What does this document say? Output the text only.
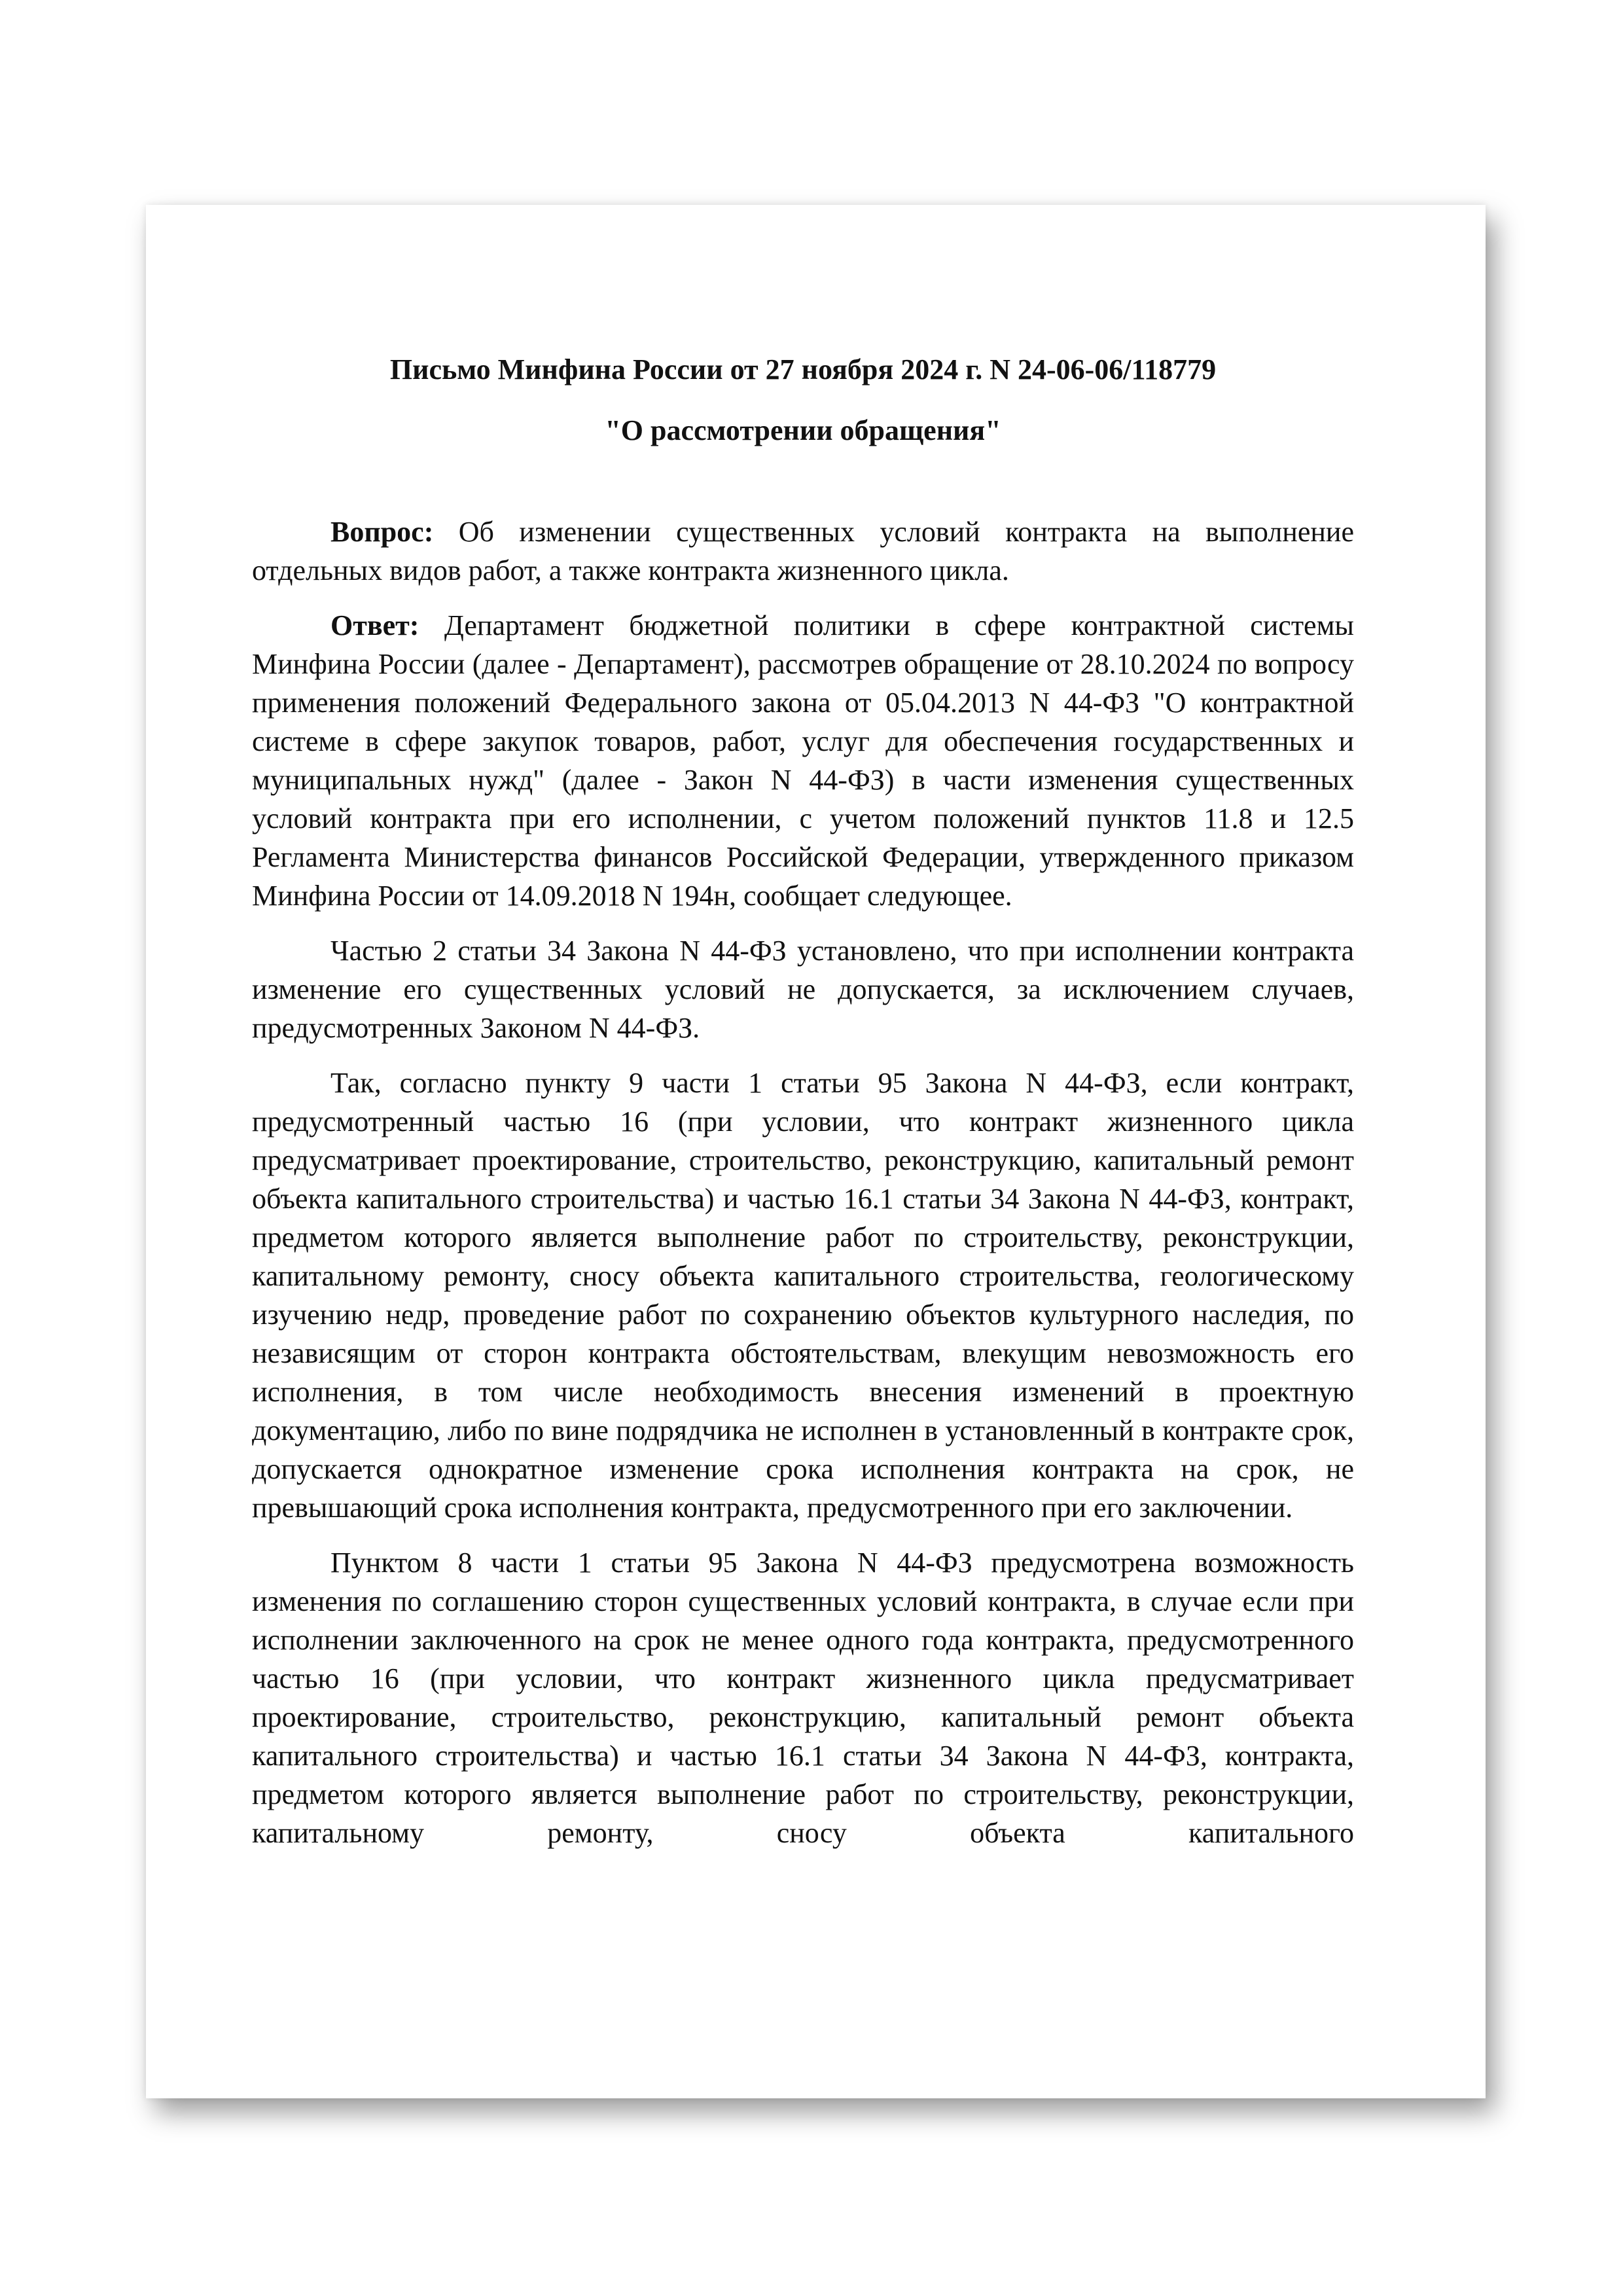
Письмо Минфина России от 27 ноября 2024 г. N 24-06-06/118779

"О рассмотрении обращения"

Вопрос: Об изменении существенных условий контракта на выполнение отдельных видов работ, а также контракта жизненного цикла.

Ответ: Департамент бюджетной политики в сфере контрактной системы Минфина России (далее - Департамент), рассмотрев обращение от 28.10.2024 по вопросу применения положений Федерального закона от 05.04.2013 N 44-ФЗ "О контрактной системе в сфере закупок товаров, работ, услуг для обеспечения государственных и муниципальных нужд" (далее - Закон N 44-ФЗ) в части изменения существенных условий контракта при его исполнении, с учетом положений пунктов 11.8 и 12.5 Регламента Министерства финансов Российской Федерации, утвержденного приказом Минфина России от 14.09.2018 N 194н, сообщает следующее.

Частью 2 статьи 34 Закона N 44-ФЗ установлено, что при исполнении контракта изменение его существенных условий не допускается, за исключением случаев, предусмотренных Законом N 44-ФЗ.

Так, согласно пункту 9 части 1 статьи 95 Закона N 44-ФЗ, если контракт, предусмотренный частью 16 (при условии, что контракт жизненного цикла предусматривает проектирование, строительство, реконструкцию, капитальный ремонт объекта капитального строительства) и частью 16.1 статьи 34 Закона N 44-ФЗ, контракт, предметом которого является выполнение работ по строительству, реконструкции, капитальному ремонту, сносу объекта капитального строительства, геологическому изучению недр, проведение работ по сохранению объектов культурного наследия, по независящим от сторон контракта обстоятельствам, влекущим невозможность его исполнения, в том числе необходимость внесения изменений в проектную документацию, либо по вине подрядчика не исполнен в установленный в контракте срок, допускается однократное изменение срока исполнения контракта на срок, не превышающий срока исполнения контракта, предусмотренного при его заключении.

Пунктом 8 части 1 статьи 95 Закона N 44-ФЗ предусмотрена возможность изменения по соглашению сторон существенных условий контракта, в случае если при исполнении заключенного на срок не менее одного года контракта, предусмотренного частью 16 (при условии, что контракт жизненного цикла предусматривает проектирование, строительство, реконструкцию, капитальный ремонт объекта капитального строительства) и частью 16.1 статьи 34 Закона N 44-ФЗ, контракта, предметом которого является выполнение работ по строительству, реконструкции, капитальному ремонту, сносу объекта капитального
